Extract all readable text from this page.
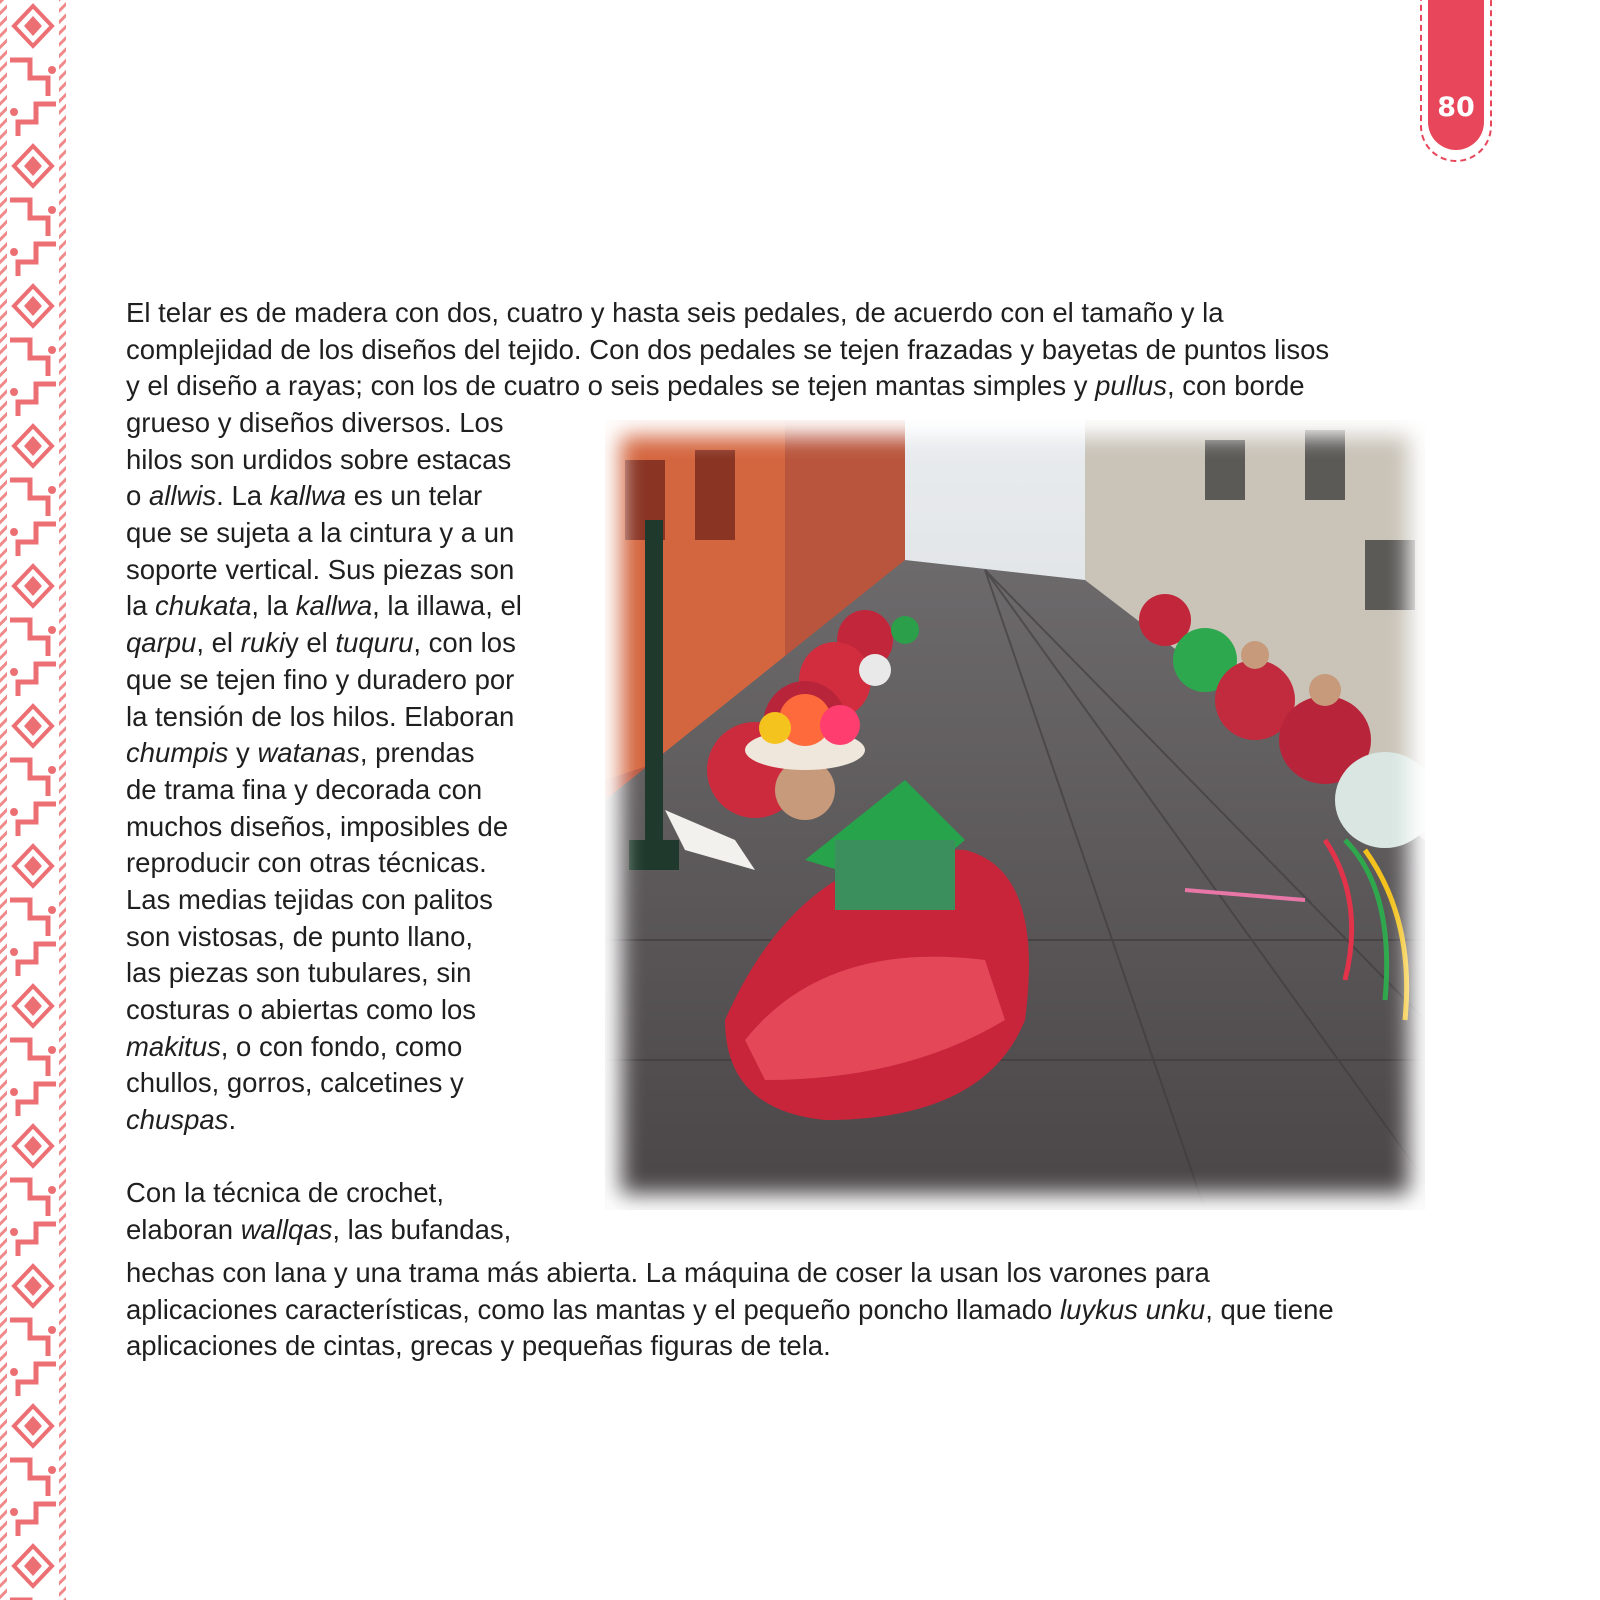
80
El telar es de madera con dos, cuatro y hasta seis pedales, de acuerdo con el tamaño y la
complejidad de los diseños del tejido. Con dos pedales se tejen frazadas y bayetas de puntos lisos
y el diseño a rayas; con los de cuatro o seis pedales se tejen mantas simples y pullus, con borde
grueso y diseños diversos. Los
hilos son urdidos sobre estacas
o allwis. La kallwa es un telar
que se sujeta a la cintura y a un
soporte vertical. Sus piezas son
la chukata, la kallwa, la illawa, el
qarpu, el rukiy el tuquru, con los
que se tejen fino y duradero por
la tensión de los hilos. Elaboran
chumpis y watanas, prendas
de trama fina y decorada con
muchos diseños, imposibles de
reproducir con otras técnicas.
Las medias tejidas con palitos
son vistosas, de punto llano,
las piezas son tubulares, sin
costuras o abiertas como los
makitus, o con fondo, como
chullos, gorros, calcetines y
chuspas.
Con la técnica de crochet,
elaboran wallqas, las bufandas,
hechas con lana y una trama más abierta. La máquina de coser la usan los varones para
aplicaciones características, como las mantas y el pequeño poncho llamado luykus unku, que tiene
aplicaciones de cintas, grecas y pequeñas figuras de tela.
